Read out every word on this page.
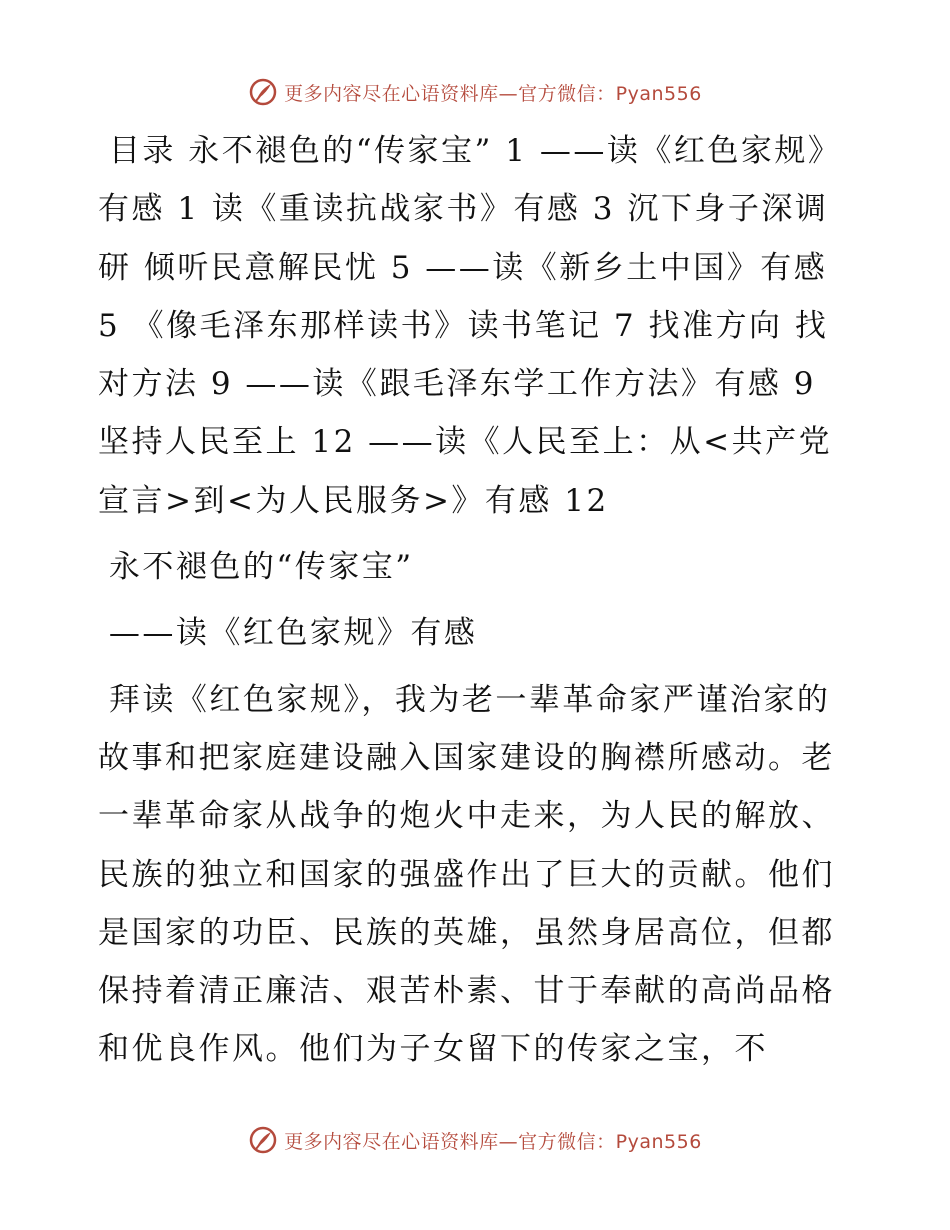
更多内容尽在心语资料库—官方微信：Pyan556

目录 永不褪色的“传家宝” 1 ——读《红色家规》有感 1 读《重读抗战家书》有感 3 沉下身子深调研 倾听民意解民忧 5 ——读《新乡土中国》有感 5 《像毛泽东那样读书》读书笔记 7 找准方向 找对方法 9 ——读《跟毛泽东学工作方法》有感 9 坚持人民至上 12 ——读《人民至上：从<共产党宣言>到<为人民服务>》有感 12

永不褪色的“传家宝”

——读《红色家规》有感

拜读《红色家规》，我为老一辈革命家严谨治家的故事和把家庭建设融入国家建设的胸襟所感动。老一辈革命家从战争的炮火中走来，为人民的解放、民族的独立和国家的强盛作出了巨大的贡献。他们是国家的功臣、民族的英雄，虽然身居高位，但都保持着清正廉洁、艰苦朴素、甘于奉献的高尚品格和优良作风。他们为子女留下的传家之宝，不

更多内容尽在心语资料库—官方微信：Pyan556
